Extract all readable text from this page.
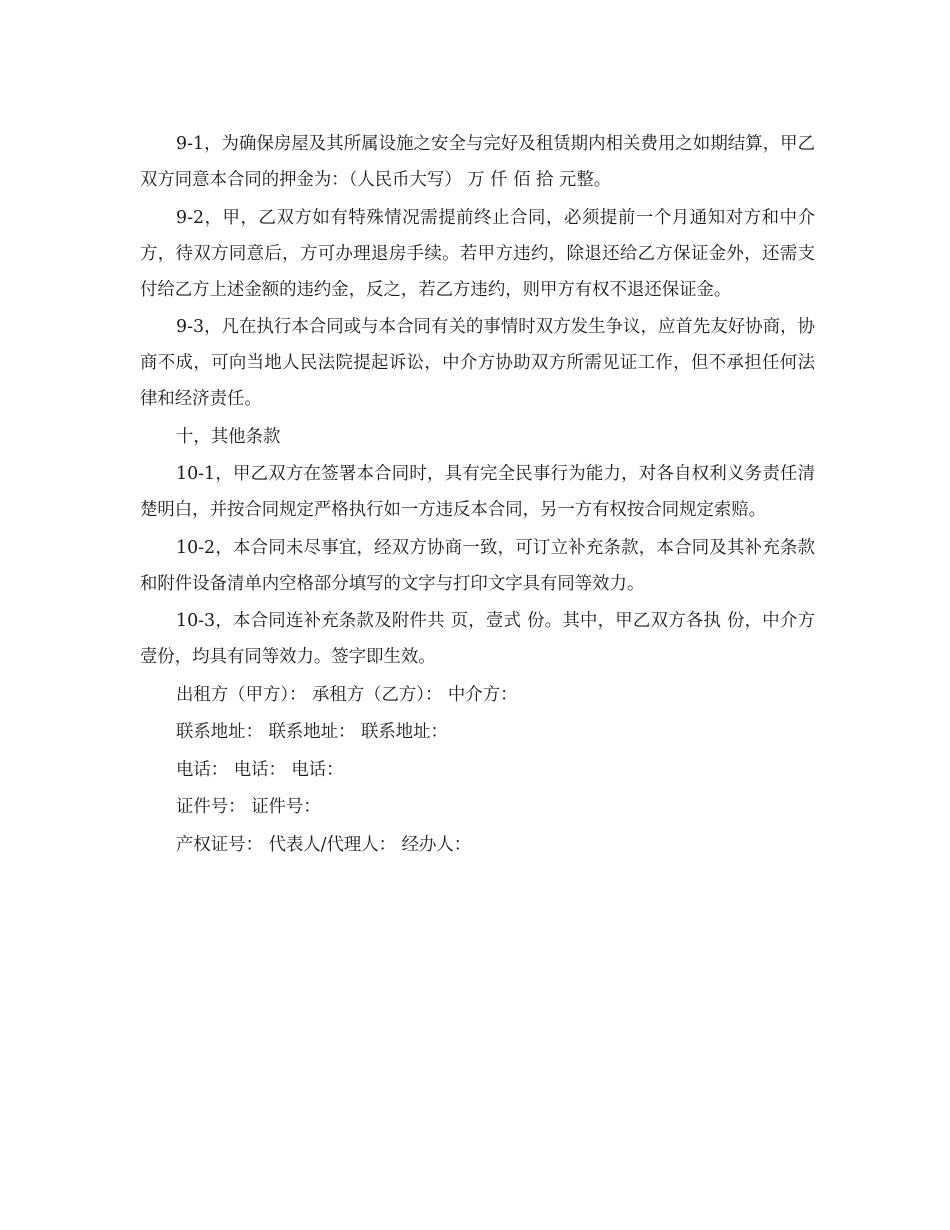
9-1，为确保房屋及其所属设施之安全与完好及租赁期内相关费用之如期结算，甲乙双方同意本合同的押金为：（人民币大写） 万 仟 佰 拾 元整。

9-2，甲，乙双方如有特殊情况需提前终止合同，必须提前一个月通知对方和中介方，待双方同意后，方可办理退房手续。若甲方违约，除退还给乙方保证金外，还需支付给乙方上述金额的违约金，反之，若乙方违约，则甲方有权不退还保证金。

9-3，凡在执行本合同或与本合同有关的事情时双方发生争议，应首先友好协商，协商不成，可向当地人民法院提起诉讼，中介方协助双方所需见证工作，但不承担任何法律和经济责任。

十，其他条款

10-1，甲乙双方在签署本合同时，具有完全民事行为能力，对各自权利义务责任清楚明白，并按合同规定严格执行如一方违反本合同，另一方有权按合同规定索赔。

10-2，本合同未尽事宜，经双方协商一致，可订立补充条款，本合同及其补充条款和附件设备清单内空格部分填写的文字与打印文字具有同等效力。

10-3，本合同连补充条款及附件共 页，壹式 份。其中，甲乙双方各执 份，中介方壹份，均具有同等效力。签字即生效。

出租方（甲方）： 承租方（乙方）： 中介方：

联系地址： 联系地址： 联系地址：

电话： 电话： 电话：

证件号： 证件号：

产权证号： 代表人/代理人： 经办人：
